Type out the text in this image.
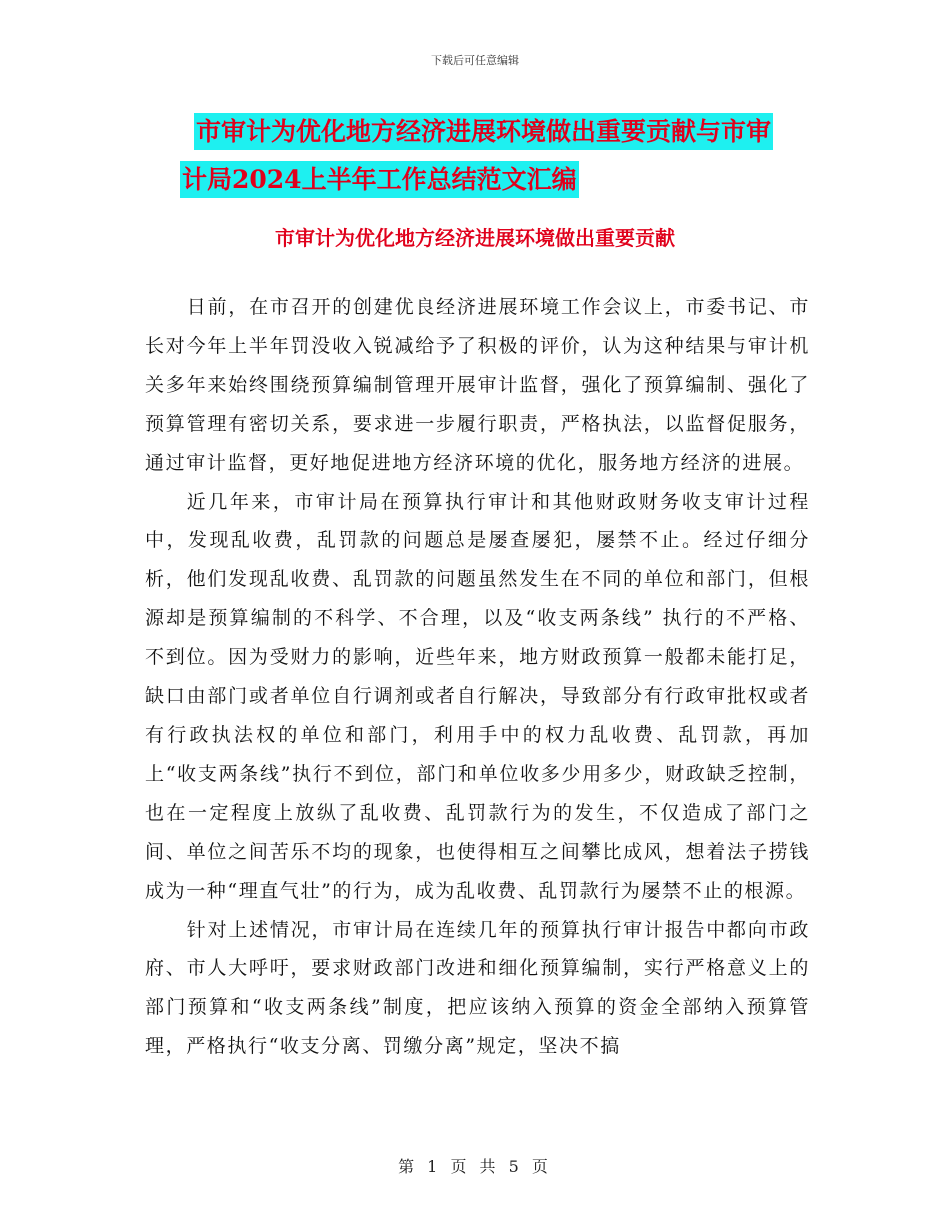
下载后可任意编辑
市审计为优化地方经济进展环境做出重要贡献与市审
计局2024上半年工作总结范文汇编
市审计为优化地方经济进展环境做出重要贡献

日前，在市召开的创建优良经济进展环境工作会议上，市委书记、市长对今年上半年罚没收入锐减给予了积极的评价，认为这种结果与审计机关多年来始终围绕预算编制管理开展审计监督，强化了预算编制、强化了预算管理有密切关系，要求进一步履行职责，严格执法，以监督促服务，通过审计监督，更好地促进地方经济环境的优化，服务地方经济的进展。

近几年来，市审计局在预算执行审计和其他财政财务收支审计过程中，发现乱收费，乱罚款的问题总是屡查屡犯，屡禁不止。经过仔细分析，他们发现乱收费、乱罚款的问题虽然发生在不同的单位和部门，但根源却是预算编制的不科学、不合理，以及“收支两条线” 执行的不严格、不到位。因为受财力的影响，近些年来，地方财政预算一般都未能打足，缺口由部门或者单位自行调剂或者自行解决，导致部分有行政审批权或者有行政执法权的单位和部门，利用手中的权力乱收费、乱罚款，再加上“收支两条线”执行不到位，部门和单位收多少用多少，财政缺乏控制，也在一定程度上放纵了乱收费、乱罚款行为的发生，不仅造成了部门之间、单位之间苦乐不均的现象，也使得相互之间攀比成风，想着法子捞钱成为一种“理直气壮”的行为，成为乱收费、乱罚款行为屡禁不止的根源。

针对上述情况，市审计局在连续几年的预算执行审计报告中都向市政府、市人大呼吁，要求财政部门改进和细化预算编制，实行严格意义上的部门预算和“收支两条线”制度，把应该纳入预算的资金全部纳入预算管理，严格执行“收支分离、罚缴分离”规定，坚决不搞

第 1 页 共 5 页
